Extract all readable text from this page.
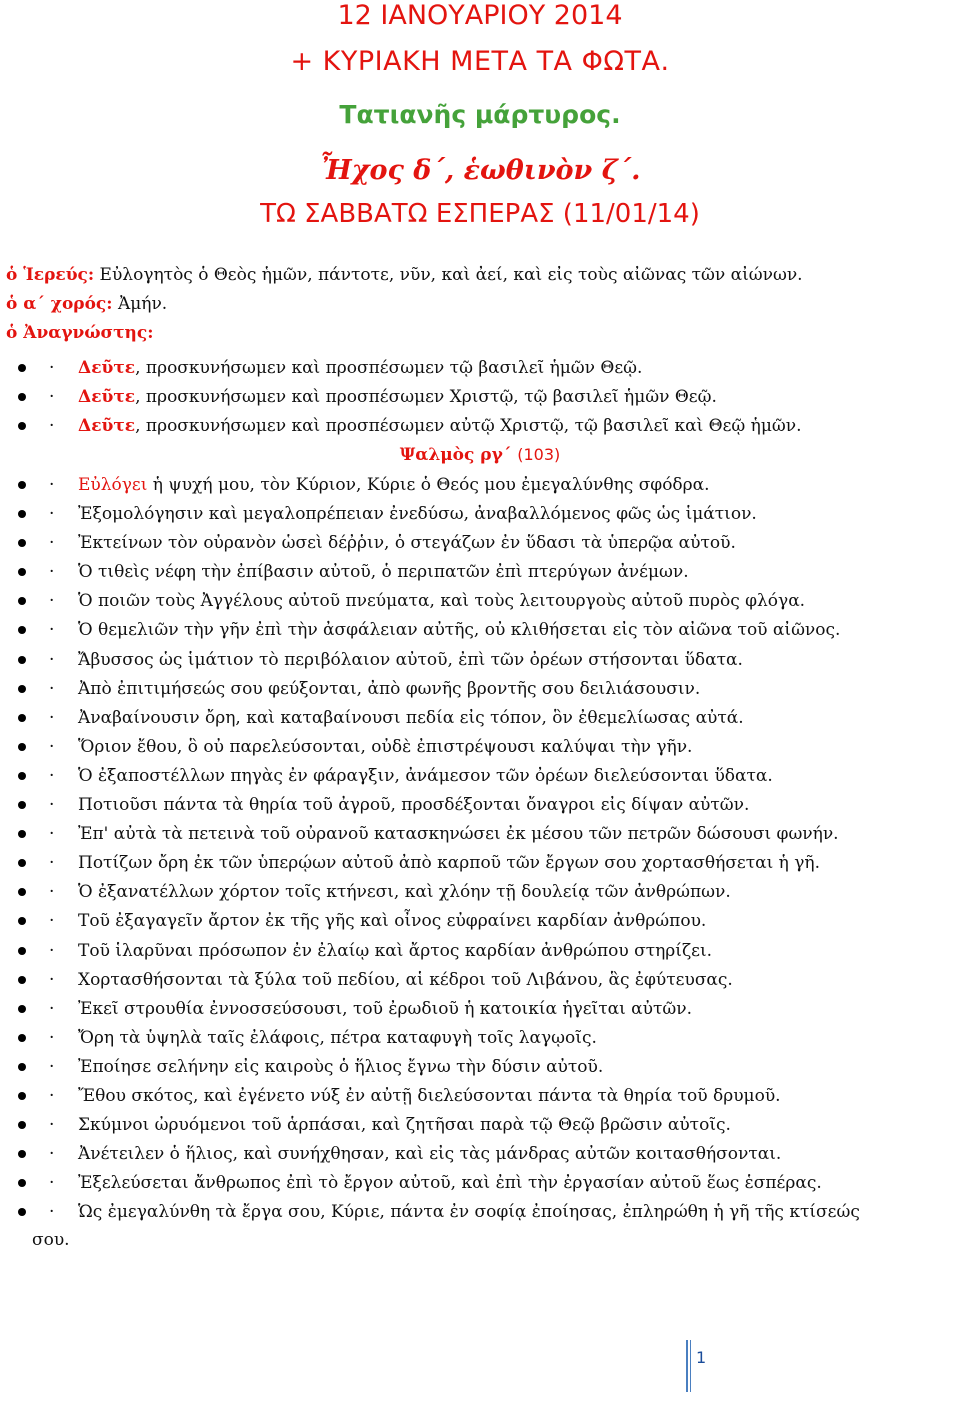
12 ΙΑΝΟΥΑΡΙΟΥ 2014
+ ΚΥΡΙΑΚΗ ΜΕΤΑ ΤΑ ΦΩΤΑ.
Τατιανῆς μάρτυρος.
Ἦχος δ΄, ἑωθινὸν ζ΄.
ΤΩ ΣΑΒΒΑΤΩ ΕΣΠΕΡΑΣ (11/01/14)
ὁ Ἱερεύς: Εὐλογητὸς ὁ Θεὸς ἡμῶν, πάντοτε, νῦν, καὶ ἀεί, καὶ εἰς τοὺς αἰῶνας τῶν αἰώνων.
ὁ α΄ χορός: Ἀμήν.
ὁ Ἀναγνώστης:
· Δεῦτε, προσκυνήσωμεν καὶ προσπέσωμεν τῷ βασιλεῖ ἡμῶν Θεῷ.
· Δεῦτε, προσκυνήσωμεν καὶ προσπέσωμεν Χριστῷ, τῷ βασιλεῖ ἡμῶν Θεῷ.
· Δεῦτε, προσκυνήσωμεν καὶ προσπέσωμεν αὐτῷ Χριστῷ, τῷ βασιλεῖ καὶ Θεῷ ἡμῶν.
Ψαλμὸς ργ΄ (103)
· Εὐλόγει ἡ ψυχή μου, τὸν Κύριον, Κύριε ὁ Θεός μου ἐμεγαλύνθης σφόδρα.
· Ἐξομολόγησιν καὶ μεγαλοπρέπειαν ἐνεδύσω, ἀναβαλλόμενος φῶς ὡς ἱμάτιον.
· Ἐκτείνων τὸν οὐρανὸν ὡσεὶ δέῤῥιν, ὁ στεγάζων ἐν ὕδασι τὰ ὑπερῷα αὐτοῦ.
· Ὁ τιθεὶς νέφη τὴν ἐπίβασιν αὐτοῦ, ὁ περιπατῶν ἐπὶ πτερύγων ἀνέμων.
· Ὁ ποιῶν τοὺς Ἀγγέλους αὐτοῦ πνεύματα, καὶ τοὺς λειτουργοὺς αὐτοῦ πυρὸς φλόγα.
· Ὁ θεμελιῶν τὴν γῆν ἐπὶ τὴν ἀσφάλειαν αὐτῆς, οὐ κλιθήσεται εἰς τὸν αἰῶνα τοῦ αἰῶνος.
· Ἄβυσσος ὡς ἱμάτιον τὸ περιβόλαιον αὐτοῦ, ἐπὶ τῶν ὀρέων στήσονται ὕδατα.
· Ἀπὸ ἐπιτιμήσεώς σου φεύξονται, ἀπὸ φωνῆς βροντῆς σου δειλιάσουσιν.
· Ἀναβαίνουσιν ὄρη, καὶ καταβαίνουσι πεδία εἰς τόπον, ὃν ἐθεμελίωσας αὐτά.
· Ὅριον ἔθου, ὃ οὐ παρελεύσονται, οὐδὲ ἐπιστρέψουσι καλύψαι τὴν γῆν.
· Ὁ ἐξαποστέλλων πηγὰς ἐν φάραγξιν, ἀνάμεσον τῶν ὀρέων διελεύσονται ὕδατα.
· Ποτιοῦσι πάντα τὰ θηρία τοῦ ἀγροῦ, προσδέξονται ὄναγροι εἰς δίψαν αὐτῶν.
· Ἐπ' αὐτὰ τὰ πετεινὰ τοῦ οὐρανοῦ κατασκηνώσει ἐκ μέσου τῶν πετρῶν δώσουσι φωνήν.
· Ποτίζων ὄρη ἐκ τῶν ὑπερῴων αὐτοῦ ἀπὸ καρποῦ τῶν ἔργων σου χορτασθήσεται ἡ γῆ.
· Ὁ ἐξανατέλλων χόρτον τοῖς κτήνεσι, καὶ χλόην τῇ δουλείᾳ τῶν ἀνθρώπων.
· Τοῦ ἐξαγαγεῖν ἄρτον ἐκ τῆς γῆς καὶ οἶνος εὐφραίνει καρδίαν ἀνθρώπου.
· Τοῦ ἱλαρῦναι πρόσωπον ἐν ἐλαίῳ καὶ ἄρτος καρδίαν ἀνθρώπου στηρίζει.
· Χορτασθήσονται τὰ ξύλα τοῦ πεδίου, αἱ κέδροι τοῦ Λιβάνου, ἃς ἐφύτευσας.
· Ἐκεῖ στρουθία ἐννοσσεύσουσι, τοῦ ἐρωδιοῦ ἡ κατοικία ἡγεῖται αὐτῶν.
· Ὄρη τὰ ὑψηλὰ ταῖς ἐλάφοις, πέτρα καταφυγὴ τοῖς λαγῳοῖς.
· Ἐποίησε σελήνην εἰς καιροὺς ὁ ἥλιος ἔγνω τὴν δύσιν αὐτοῦ.
· Ἔθου σκότος, καὶ ἐγένετο νύξ ἐν αὐτῇ διελεύσονται πάντα τὰ θηρία τοῦ δρυμοῦ.
· Σκύμνοι ὠρυόμενοι τοῦ ἁρπάσαι, καὶ ζητῆσαι παρὰ τῷ Θεῷ βρῶσιν αὐτοῖς.
· Ἀνέτειλεν ὁ ἥλιος, καὶ συνήχθησαν, καὶ εἰς τὰς μάνδρας αὐτῶν κοιτασθήσονται.
· Ἐξελεύσεται ἄνθρωπος ἐπὶ τὸ ἔργον αὐτοῦ, καὶ ἐπὶ τὴν ἐργασίαν αὐτοῦ ἕως ἑσπέρας.
· Ὡς ἐμεγαλύνθη τὰ ἔργα σου, Κύριε, πάντα ἐν σοφίᾳ ἐποίησας, ἐπληρώθη ἡ γῆ τῆς κτίσεώς
σου.
1
